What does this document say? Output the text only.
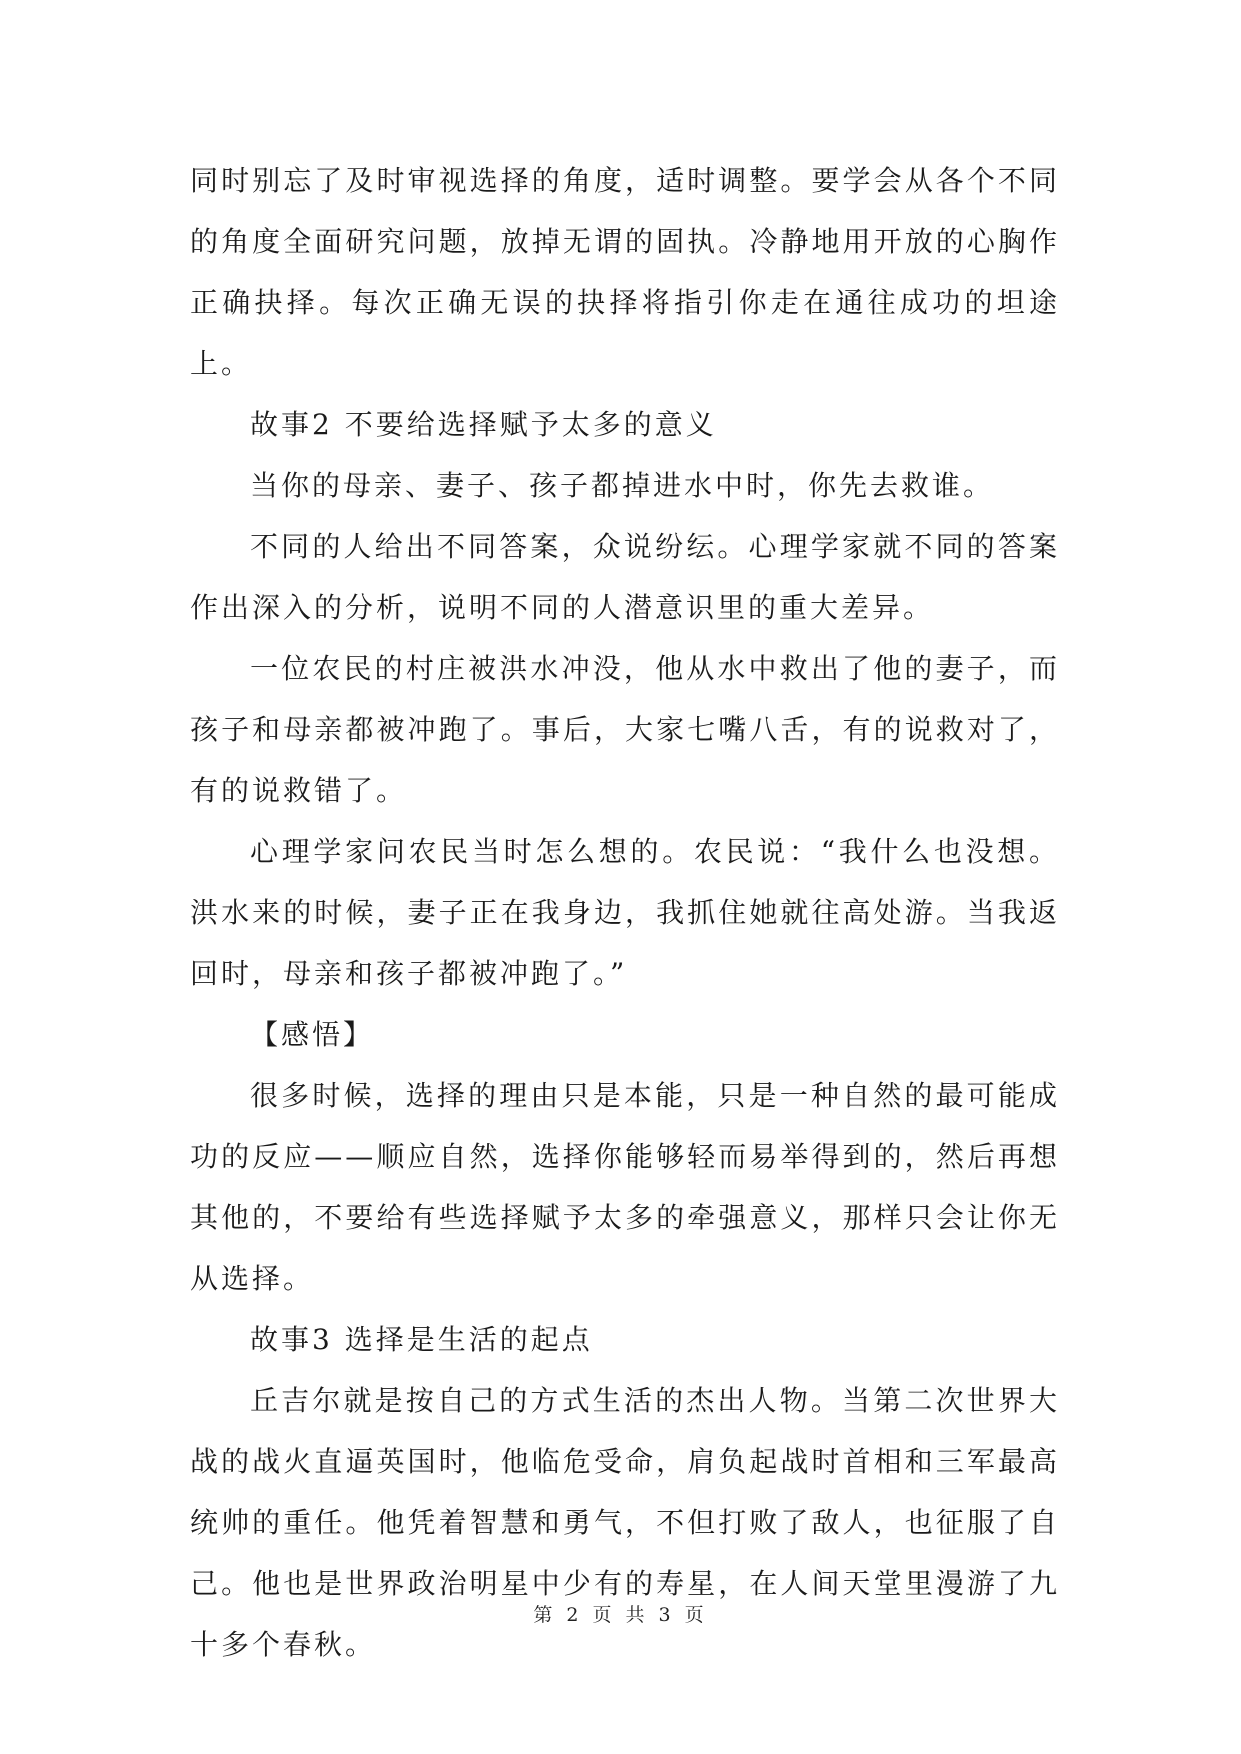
同时别忘了及时审视选择的角度，适时调整。要学会从各个不同的角度全面研究问题，放掉无谓的固执。冷静地用开放的心胸作正确抉择。每次正确无误的抉择将指引你走在通往成功的坦途上。

故事2 不要给选择赋予太多的意义

当你的母亲、妻子、孩子都掉进水中时，你先去救谁。

不同的人给出不同答案，众说纷纭。心理学家就不同的答案作出深入的分析，说明不同的人潜意识里的重大差异。

一位农民的村庄被洪水冲没，他从水中救出了他的妻子，而孩子和母亲都被冲跑了。事后，大家七嘴八舌，有的说救对了，有的说救错了。

心理学家问农民当时怎么想的。农民说：“我什么也没想。洪水来的时候，妻子正在我身边，我抓住她就往高处游。当我返回时，母亲和孩子都被冲跑了。”

【感悟】

很多时候，选择的理由只是本能，只是一种自然的最可能成功的反应——顺应自然，选择你能够轻而易举得到的，然后再想其他的，不要给有些选择赋予太多的牵强意义，那样只会让你无从选择。

故事3 选择是生活的起点

丘吉尔就是按自己的方式生活的杰出人物。当第二次世界大战的战火直逼英国时，他临危受命，肩负起战时首相和三军最高统帅的重任。他凭着智慧和勇气，不但打败了敌人，也征服了自己。他也是世界政治明星中少有的寿星，在人间天堂里漫游了九十多个春秋。

第 2 页 共 3 页
